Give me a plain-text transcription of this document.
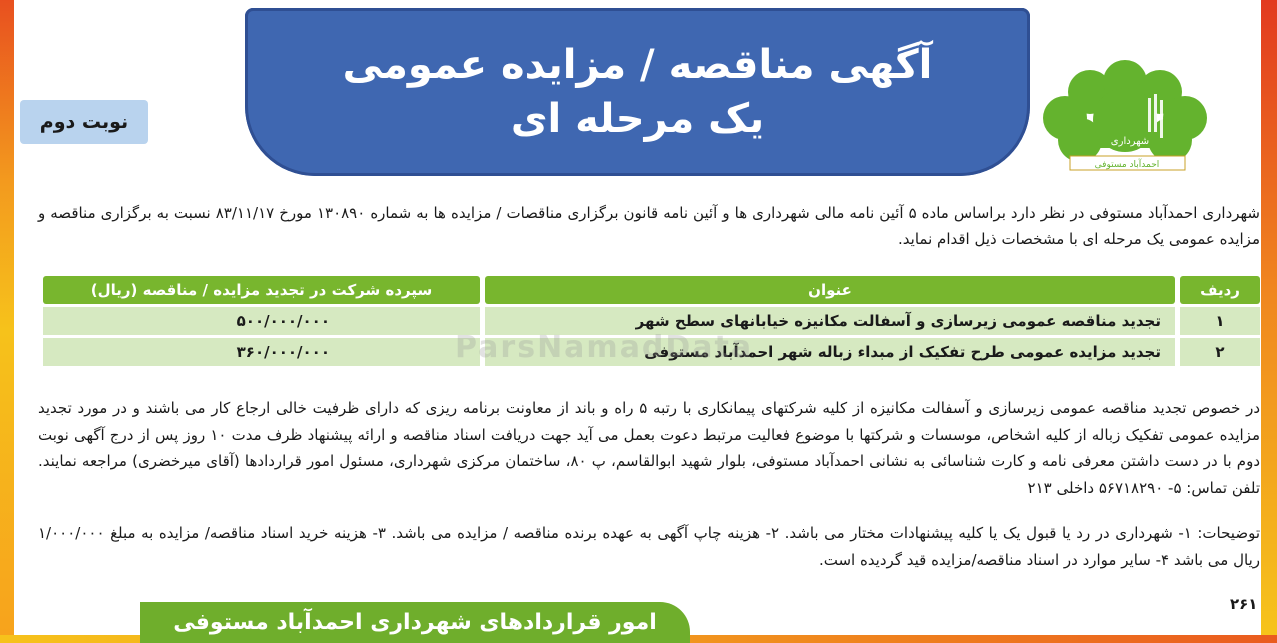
آگهی مناقصه / مزایده عمومی
یک مرحله ای
نوبت دوم
شهرداری
احمدآباد مستوفی
شهرداری احمدآباد مستوفی در نظر دارد براساس ماده ۵ آئین نامه مالی شهرداری ها و آئین نامه قانون برگزاری مناقصات / مزایده ها به شماره ۱۳۰۸۹۰ مورخ ۸۳/۱۱/۱۷ نسبت به برگزاری مناقصه و مزایده عمومی یک مرحله ای با مشخصات ذیل اقدام نماید.
ردیف
عنوان
سپرده شرکت در تجدید مزایده / مناقصه (ریال)
۱
تجدید مناقصه عمومی زیرسازی و آسفالت مکانیزه خیابانهای سطح شهر
۵۰۰/۰۰۰/۰۰۰
۲
تجدید مزایده عمومی طرح تفکیک از مبداء زباله شهر احمدآباد مستوفی
۳۶۰/۰۰۰/۰۰۰	ParsNamadData
در خصوص تجدید مناقصه عمومی زیرسازی و آسفالت مکانیزه از کلیه شرکتهای پیمانکاری با رتبه ۵ راه و باند از معاونت برنامه ریزی که دارای ظرفیت خالی ارجاع کار می باشند و در مورد تجدید مزایده عمومی تفکیک زباله از کلیه اشخاص، موسسات و شرکتها با موضوع فعالیت مرتبط دعوت بعمل می آید جهت دریافت اسناد مناقصه و ارائه پیشنهاد ظرف مدت ۱۰ روز پس از درج آگهی نوبت دوم با در دست داشتن معرفی نامه و کارت شناسائی به نشانی احمدآباد مستوفی، بلوار شهید ابوالقاسم، پ ۸۰، ساختمان مرکزی شهرداری، مسئول امور قراردادها (آقای میرخضری) مراجعه نمایند. تلفن تماس: ۵- ۵۶۷۱۸۲۹۰ داخلی ۲۱۳
توضیحات: ۱- شهرداری در رد یا قبول یک یا کلیه پیشنهادات مختار می باشد. ۲- هزینه چاپ آگهی به عهده برنده مناقصه / مزایده می باشد. ۳- هزینه خرید اسناد مناقصه/ مزایده به مبلغ ۱/۰۰۰/۰۰۰ ریال می باشد ۴- سایر موارد در اسناد مناقصه/مزایده قید گردیده است.
۲۶۱
امور قراردادهای شهرداری احمدآباد مستوفی
